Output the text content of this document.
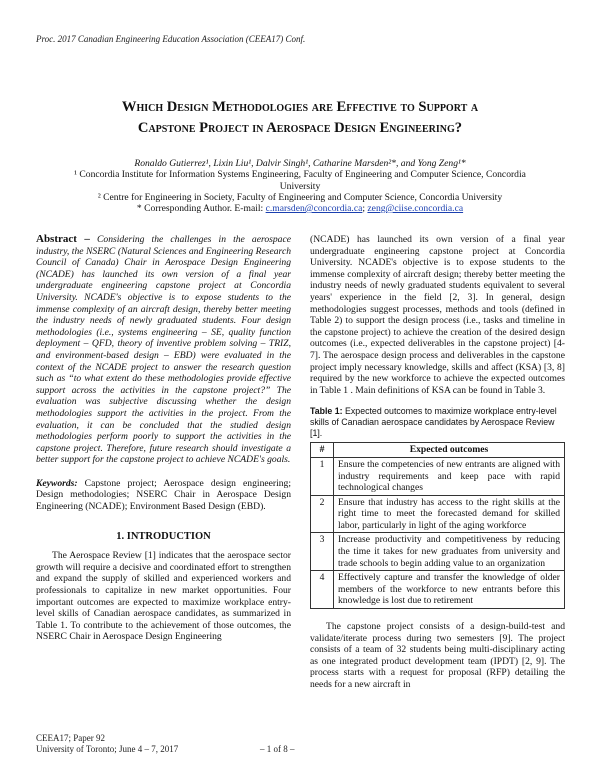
Proc. 2017 Canadian Engineering Education Association (CEEA17) Conf.
Which Design Methodologies are Effective to Support a
Capstone Project in Aerospace Design Engineering?
Ronaldo Gutierrez¹, Lixin Liu¹, Dalvir Singh¹, Catharine Marsden²*, and Yong Zeng¹*
¹ Concordia Institute for Information Systems Engineering, Faculty of Engineering and Computer Science, Concordia University
² Centre for Engineering in Society, Faculty of Engineering and Computer Science, Concordia University
* Corresponding Author. E-mail: c.marsden@concordia.ca; zeng@ciise.concordia.ca

Abstract – Considering the challenges in the aerospace industry, the NSERC (Natural Sciences and Engineering Research Council of Canada) Chair in Aerospace Design Engineering (NCADE) has launched its own version of a final year undergraduate engineering capstone project at Concordia University. NCADE's objective is to expose students to the immense complexity of an aircraft design, thereby better meeting the industry needs of newly graduated students. Four design methodologies (i.e., systems engineering – SE, quality function deployment – QFD, theory of inventive problem solving – TRIZ, and environment-based design – EBD) were evaluated in the context of the NCADE project to answer the research question such as “to what extent do these methodologies provide effective support across the activities in the capstone project?” The evaluation was subjective discussing whether the design methodologies support the activities in the project. From the evaluation, it can be concluded that the studied design methodologies perform poorly to support the activities in the capstone project. Therefore, future research should investigate a better support for the capstone project to achieve NCADE's goals.

Keywords: Capstone project; Aerospace design engineering; Design methodologies; NSERC Chair in Aerospace Design Engineering (NCADE); Environment Based Design (EBD).

1. INTRODUCTION

The Aerospace Review [1] indicates that the aerospace sector growth will require a decisive and coordinated effort to strengthen and expand the supply of skilled and experienced workers and professionals to capitalize in new market opportunities. Four important outcomes are expected to maximize workplace entry-level skills of Canadian aerospace candidates, as summarized in Table 1. To contribute to the achievement of those outcomes, the NSERC Chair in Aerospace Design Engineering

(NCADE) has launched its own version of a final year undergraduate engineering capstone project at Concordia University. NCADE's objective is to expose students to the immense complexity of aircraft design; thereby better meeting the industry needs of newly graduated students equivalent to several years' experience in the field [2, 3]. In general, design methodologies suggest processes, methods and tools (defined in Table 2) to support the design process (i.e., tasks and timeline in the capstone project) to achieve the creation of the desired design outcomes (i.e., expected deliverables in the capstone project) [4-7]. The aerospace design process and deliverables in the capstone project imply necessary knowledge, skills and affect (KSA) [3, 8] required by the new workforce to achieve the expected outcomes in Table 1 . Main definitions of KSA can be found in Table 3.

Table 1: Expected outcomes to maximize workplace entry-level skills of Canadian aerospace candidates by Aerospace Review [1].

#	Expected outcomes
1	Ensure the competencies of new entrants are aligned with industry requirements and keep pace with rapid technological changes
2	Ensure that industry has access to the right skills at the right time to meet the forecasted demand for skilled labor, particularly in light of the aging workforce
3	Increase productivity and competitiveness by reducing the time it takes for new graduates from university and trade schools to begin adding value to an organization
4	Effectively capture and transfer the knowledge of older members of the workforce to new entrants before this knowledge is lost due to retirement

The capstone project consists of a design-build-test and validate/iterate process during two semesters [9]. The project consists of a team of 32 students being multi-disciplinary acting as one integrated product development team (IPDT) [2, 9]. The process starts with a request for proposal (RFP) detailing the needs for a new aircraft in

CEEA17; Paper 92
University of Toronto; June 4 – 7, 2017	– 1 of 8 –
